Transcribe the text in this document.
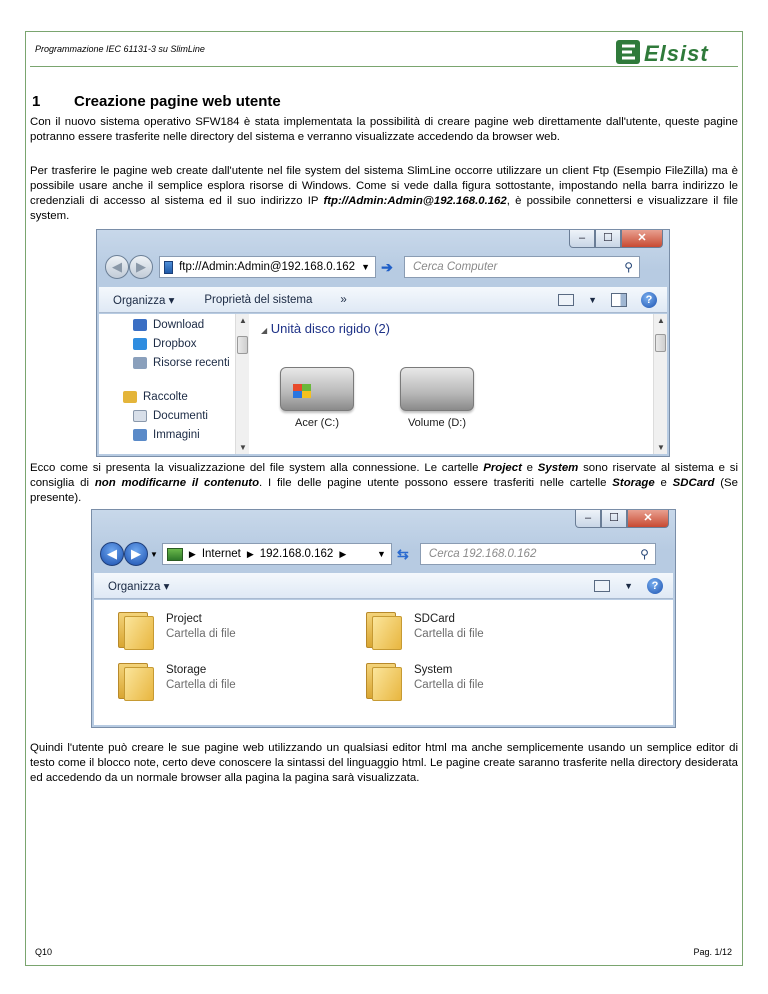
Programmazione IEC 61131-3 su SlimLine	Elsist
1 Creazione pagine web utente
Con il nuovo sistema operativo SFW184 è stata implementata la possibilità di creare pagine web direttamente dall'utente, queste pagine potranno essere trasferite nelle directory del sistema e verranno visualizzate accedendo da browser web.
Per trasferire le pagine web create dall'utente nel file system del sistema SlimLine occorre utilizzare un client Ftp (Esempio FileZilla) ma è possibile usare anche il semplice esplora risorse di Windows. Come si vede dalla figura sottostante, impostando nella barra indirizzo le credenziali di accesso al sistema ed il suo indirizzo IP ftp://Admin:Admin@192.168.0.162, è possibile connettersi e visualizzare il file system.
–	☐	✕
◀	▶	ftp://Admin:Admin@192.168.0.162 ▼ ➔	Cerca Computer	⚲
Organizza ▾	Proprietà del sistema	»	▼	?
Download
Dropbox
Risorse recenti
Raccolte
Documenti
Immagini
▲
▼
◢ Unità disco rigido (2)
Acer (C:)	Volume (D:)
▲
▼
Ecco come si presenta la visualizzazione del file system alla connessione. Le cartelle Project e System sono riservate al sistema e si consiglia di non modificarne il contenuto. I file delle pagine utente possono essere trasferiti nelle cartelle Storage e SDCard (Se presente).
–	☐	✕
◀	▶	▼	▶ Internet ▶ 192.168.0.162 ▶	▼ ⇆	Cerca 192.168.0.162	⚲
Organizza ▾	▼	?
Project
Cartella di file
SDCard
Cartella di file
Storage
Cartella di file
System
Cartella di file
Quindi l'utente può creare le sue pagine web utilizzando un qualsiasi editor html ma anche semplicemente usando un semplice editor di testo come il blocco note, certo deve conoscere la sintassi del linguaggio html. Le pagine create saranno trasferite nella directory desiderata ed accedendo da un normale browser alla pagina la pagina sarà visualizzata.
Q10	Pag. 1/12
